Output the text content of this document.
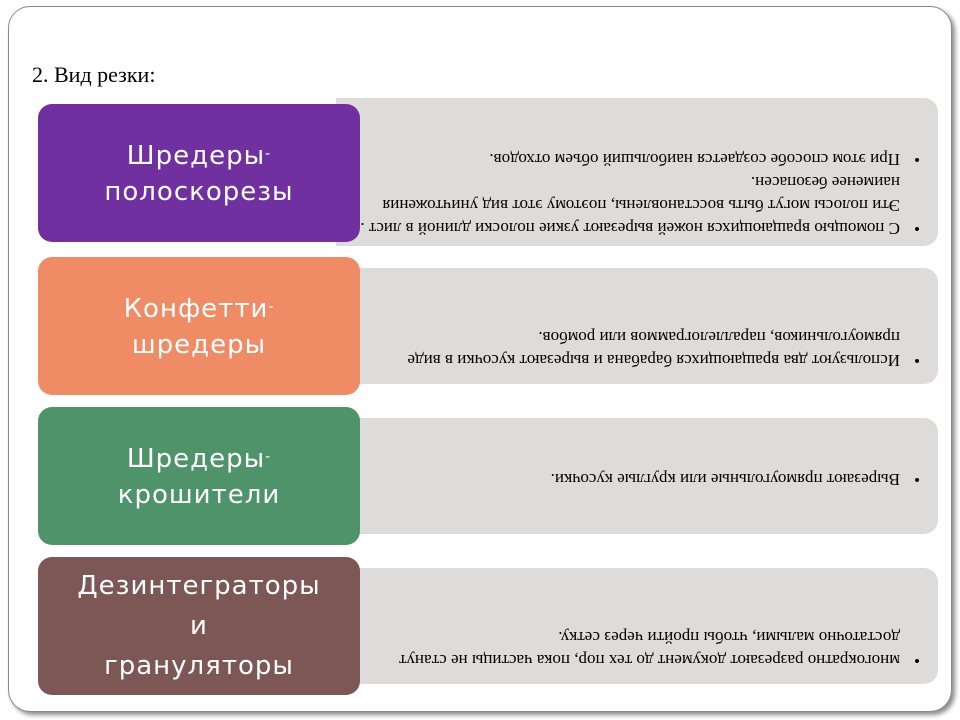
2. Вид резки:
•
С помощью вращающихся ножей вырезают узкие полоски длиной в лист . Эти полосы могут быть восстановлены, поэтому этот вид уничтожения наименее безопасен.
•
При этом способе создается наибольший объем отходов.
Шредеры-
полоскорезы
•
Используют два вращающихся барабана и вырезают кусочки в виде прямоугольников, параллелограммов или ромбов.
Конфетти-
шредеры
•
Вырезают прямоугольные или круглые кусочки.
Шредеры-
крошители
•
многократно разрезают документ до тех пор, пока частицы не станут достаточно малыми, чтобы пройти через сетку.
Дезинтеграторы
и
грануляторы
